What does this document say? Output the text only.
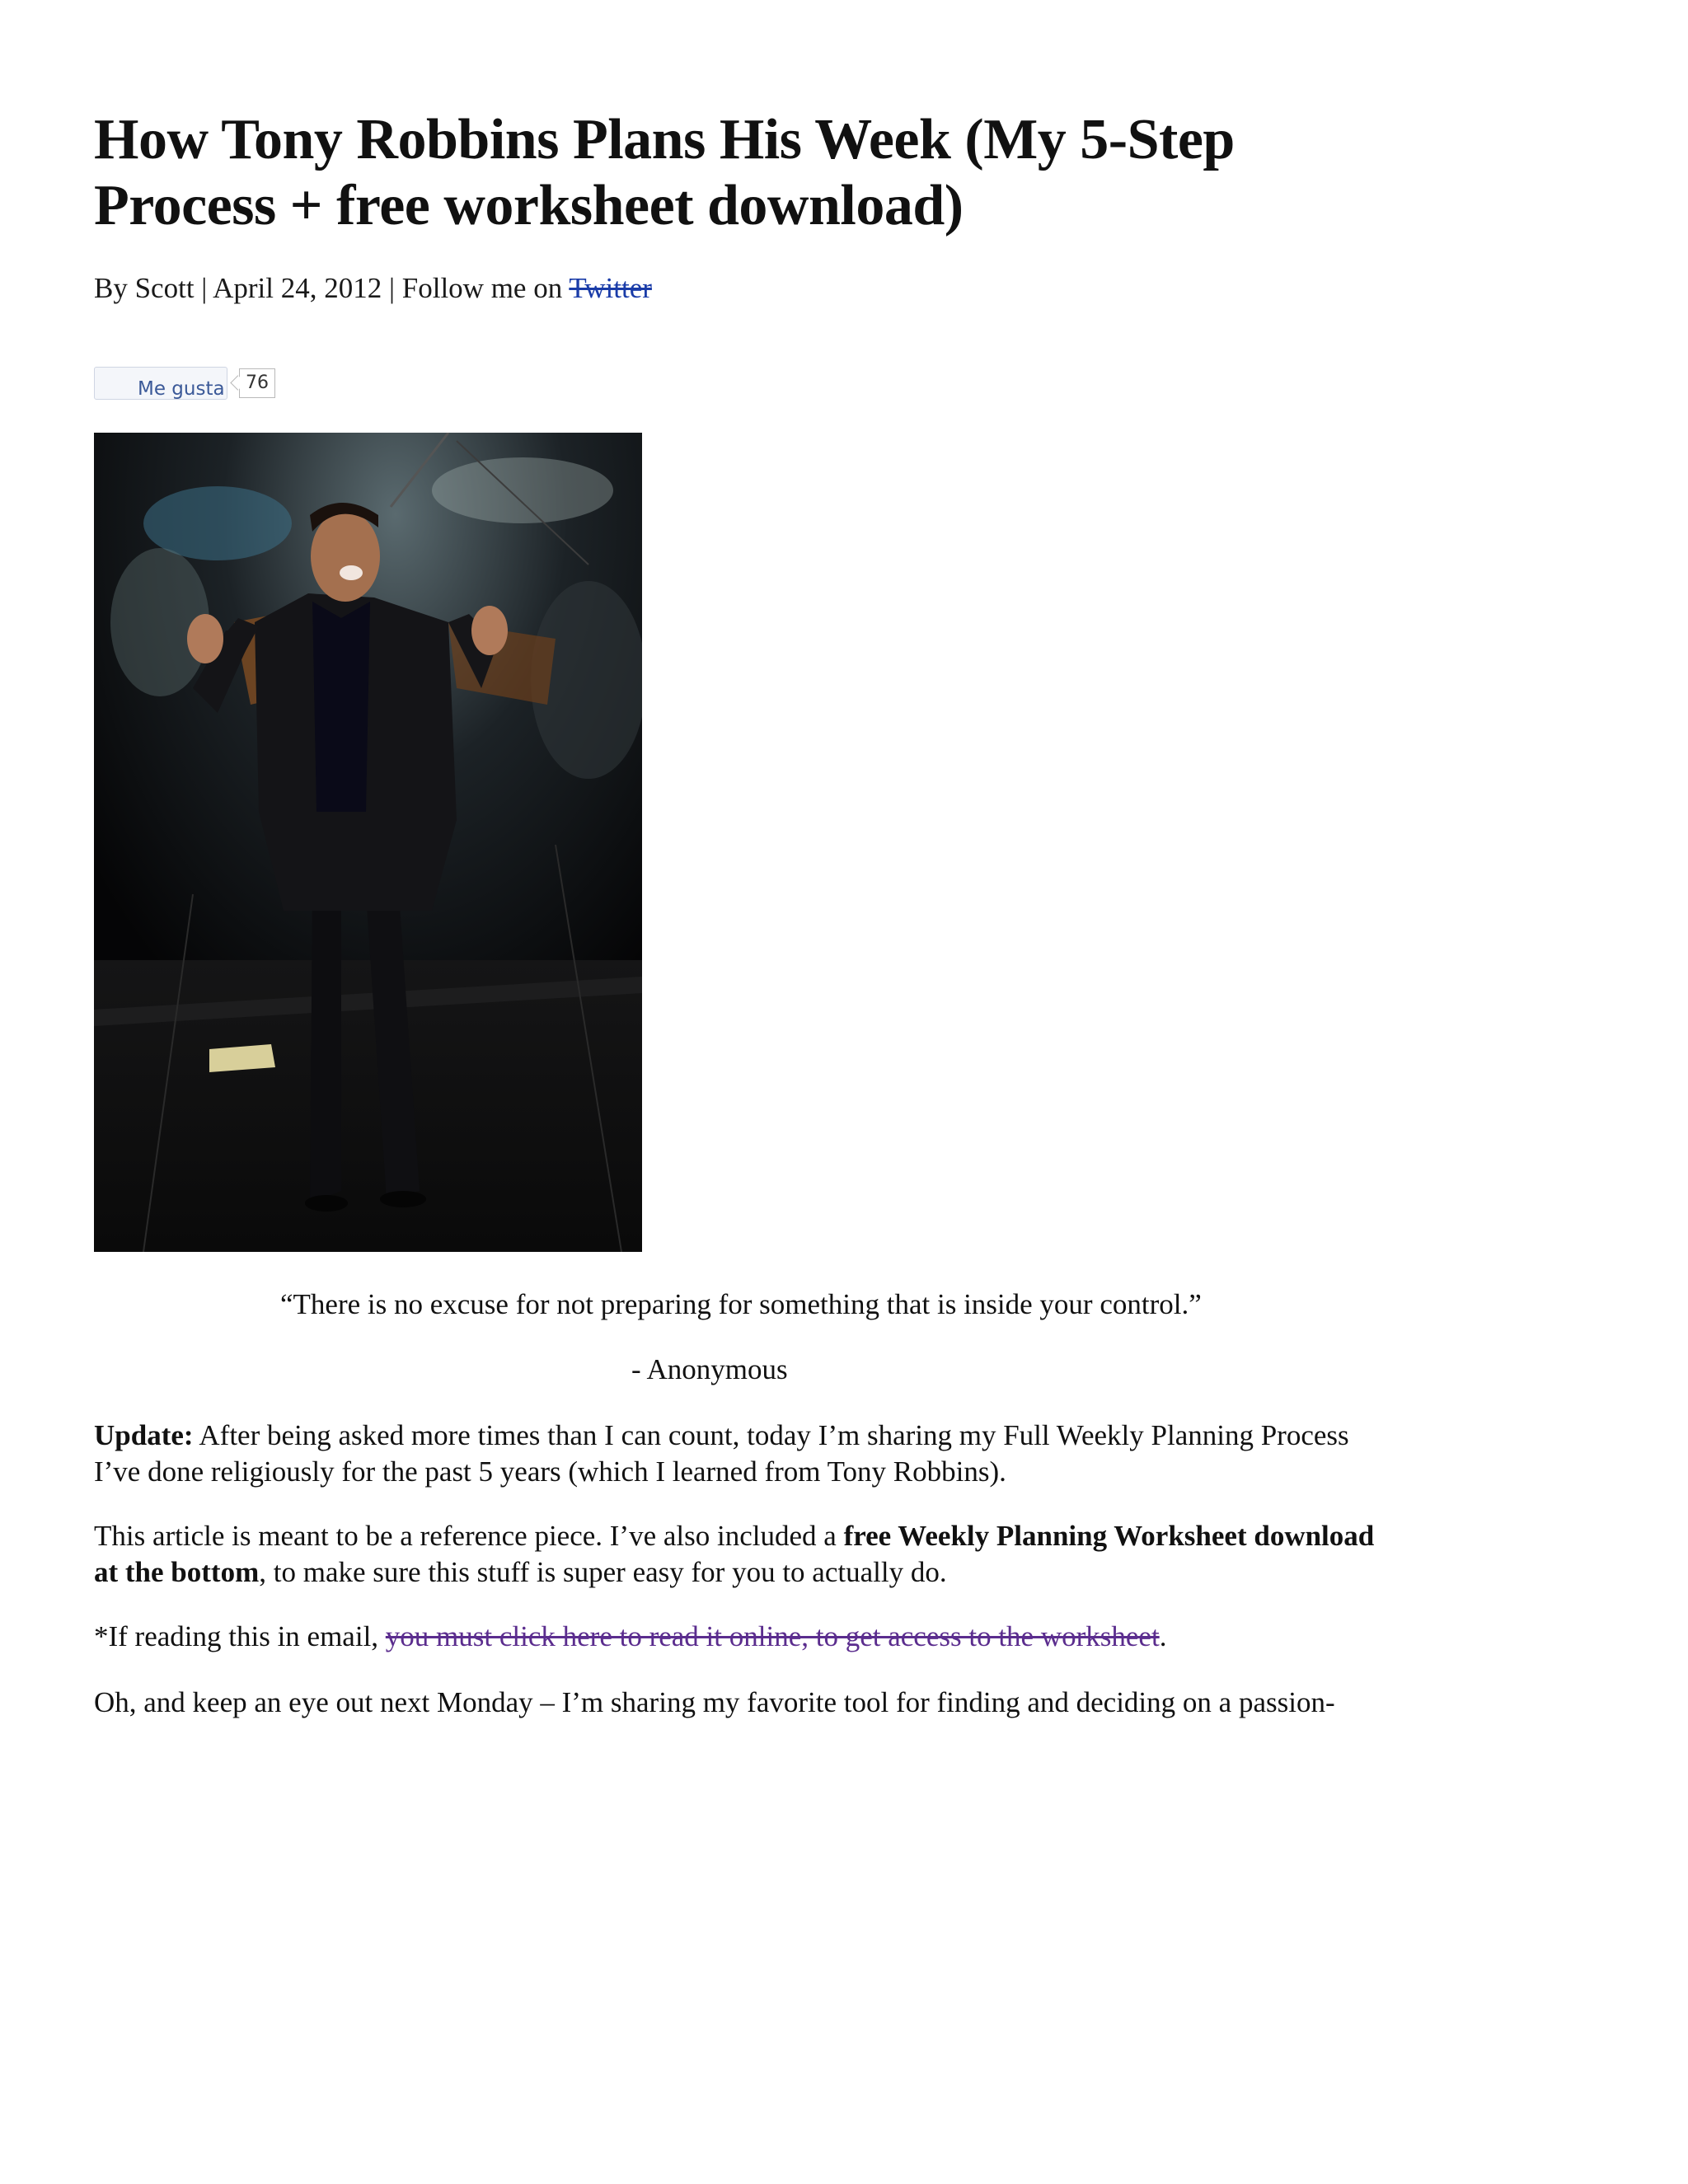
How Tony Robbins Plans His Week (My 5-Step Process + free worksheet download)
By Scott | April 24, 2012 | Follow me on Twitter
Me gusta	76
“There is no excuse for not preparing for something that is inside your control.”
- Anonymous

Update: After being asked more times than I can count, today I’m sharing my Full Weekly Planning Process I’ve done religiously for the past 5 years (which I learned from Tony Robbins).

This article is meant to be a reference piece. I’ve also included a free Weekly Planning Worksheet download at the bottom, to make sure this stuff is super easy for you to actually do.

*If reading this in email, you must click here to read it online, to get access to the worksheet.

Oh, and keep an eye out next Monday – I’m sharing my favorite tool for finding and deciding on a passion-
